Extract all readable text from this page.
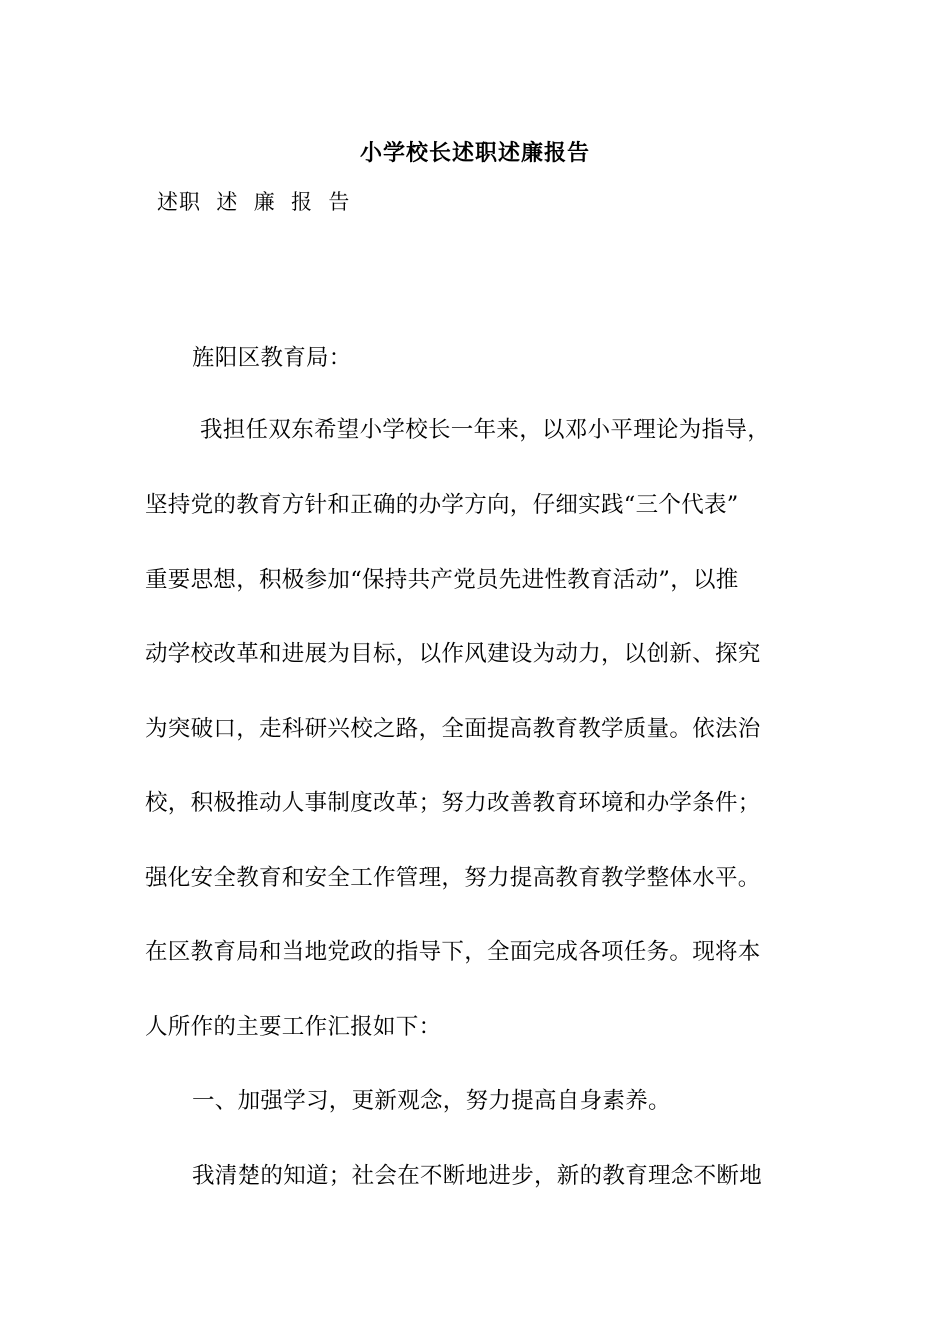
小学校长述职述廉报告
述职  述  廉  报  告
旌阳区教育局：
我担任双东希望小学校长一年来，以邓小平理论为指导，
坚持党的教育方针和正确的办学方向，仔细实践“三个代表”
重要思想，积极参加“保持共产党员先进性教育活动”，以推
动学校改革和进展为目标，以作风建设为动力，以创新、探究
为突破口，走科研兴校之路，全面提高教育教学质量。依法治
校，积极推动人事制度改革；努力改善教育环境和办学条件；
强化安全教育和安全工作管理，努力提高教育教学整体水平。
在区教育局和当地党政的指导下，全面完成各项任务。现将本
人所作的主要工作汇报如下：
一、加强学习，更新观念，努力提高自身素养。
我清楚的知道；社会在不断地进步，新的教育理念不断地
